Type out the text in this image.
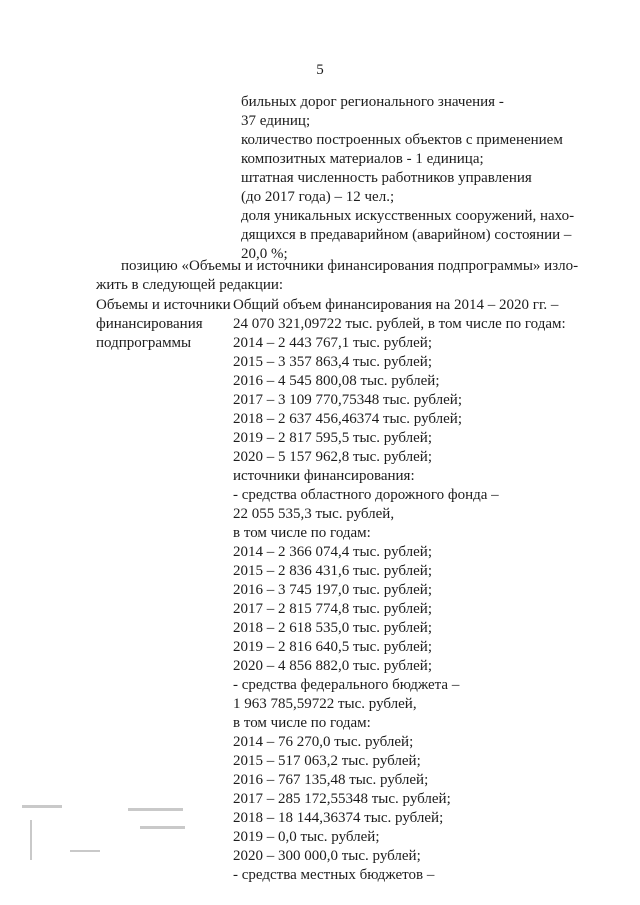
5
бильных дорог регионального значения -
37 единиц;
количество построенных объектов с применением
композитных материалов - 1 единица;
штатная численность работников управления
(до 2017 года) – 12 чел.;
доля уникальных искусственных сооружений, нахо-
дящихся в предаварийном (аварийном) состоянии –
20,0 %;
позицию «Объемы и источники финансирования подпрограммы» изло-
жить в следующей редакции:
Объемы и источники
финансирования
подпрограммы
Общий объем финансирования на 2014 – 2020 гг. –
24 070 321,09722 тыс. рублей, в том числе по годам:
2014 – 2 443 767,1 тыс. рублей;
2015 – 3 357 863,4 тыс. рублей;
2016 – 4 545 800,08 тыс. рублей;
2017 – 3 109 770,75348 тыс. рублей;
2018 – 2 637 456,46374 тыс. рублей;
2019 – 2 817 595,5 тыс. рублей;
2020 – 5 157 962,8 тыс. рублей;
источники финансирования:
- средства областного дорожного фонда –
22 055 535,3 тыс. рублей,
в том числе по годам:
2014 – 2 366 074,4 тыс. рублей;
2015 – 2 836 431,6 тыс. рублей;
2016 – 3 745 197,0 тыс. рублей;
2017 – 2 815 774,8 тыс. рублей;
2018 – 2 618 535,0 тыс. рублей;
2019 – 2 816 640,5 тыс. рублей;
2020 – 4 856 882,0 тыс. рублей;
- средства федерального бюджета –
1 963 785,59722 тыс. рублей,
в том числе по годам:
2014 – 76 270,0 тыс. рублей;
2015 – 517 063,2 тыс. рублей;
2016 – 767 135,48 тыс. рублей;
2017 – 285 172,55348 тыс. рублей;
2018 – 18 144,36374 тыс. рублей;
2019 – 0,0 тыс. рублей;
2020 – 300 000,0 тыс. рублей;
- средства местных бюджетов –
